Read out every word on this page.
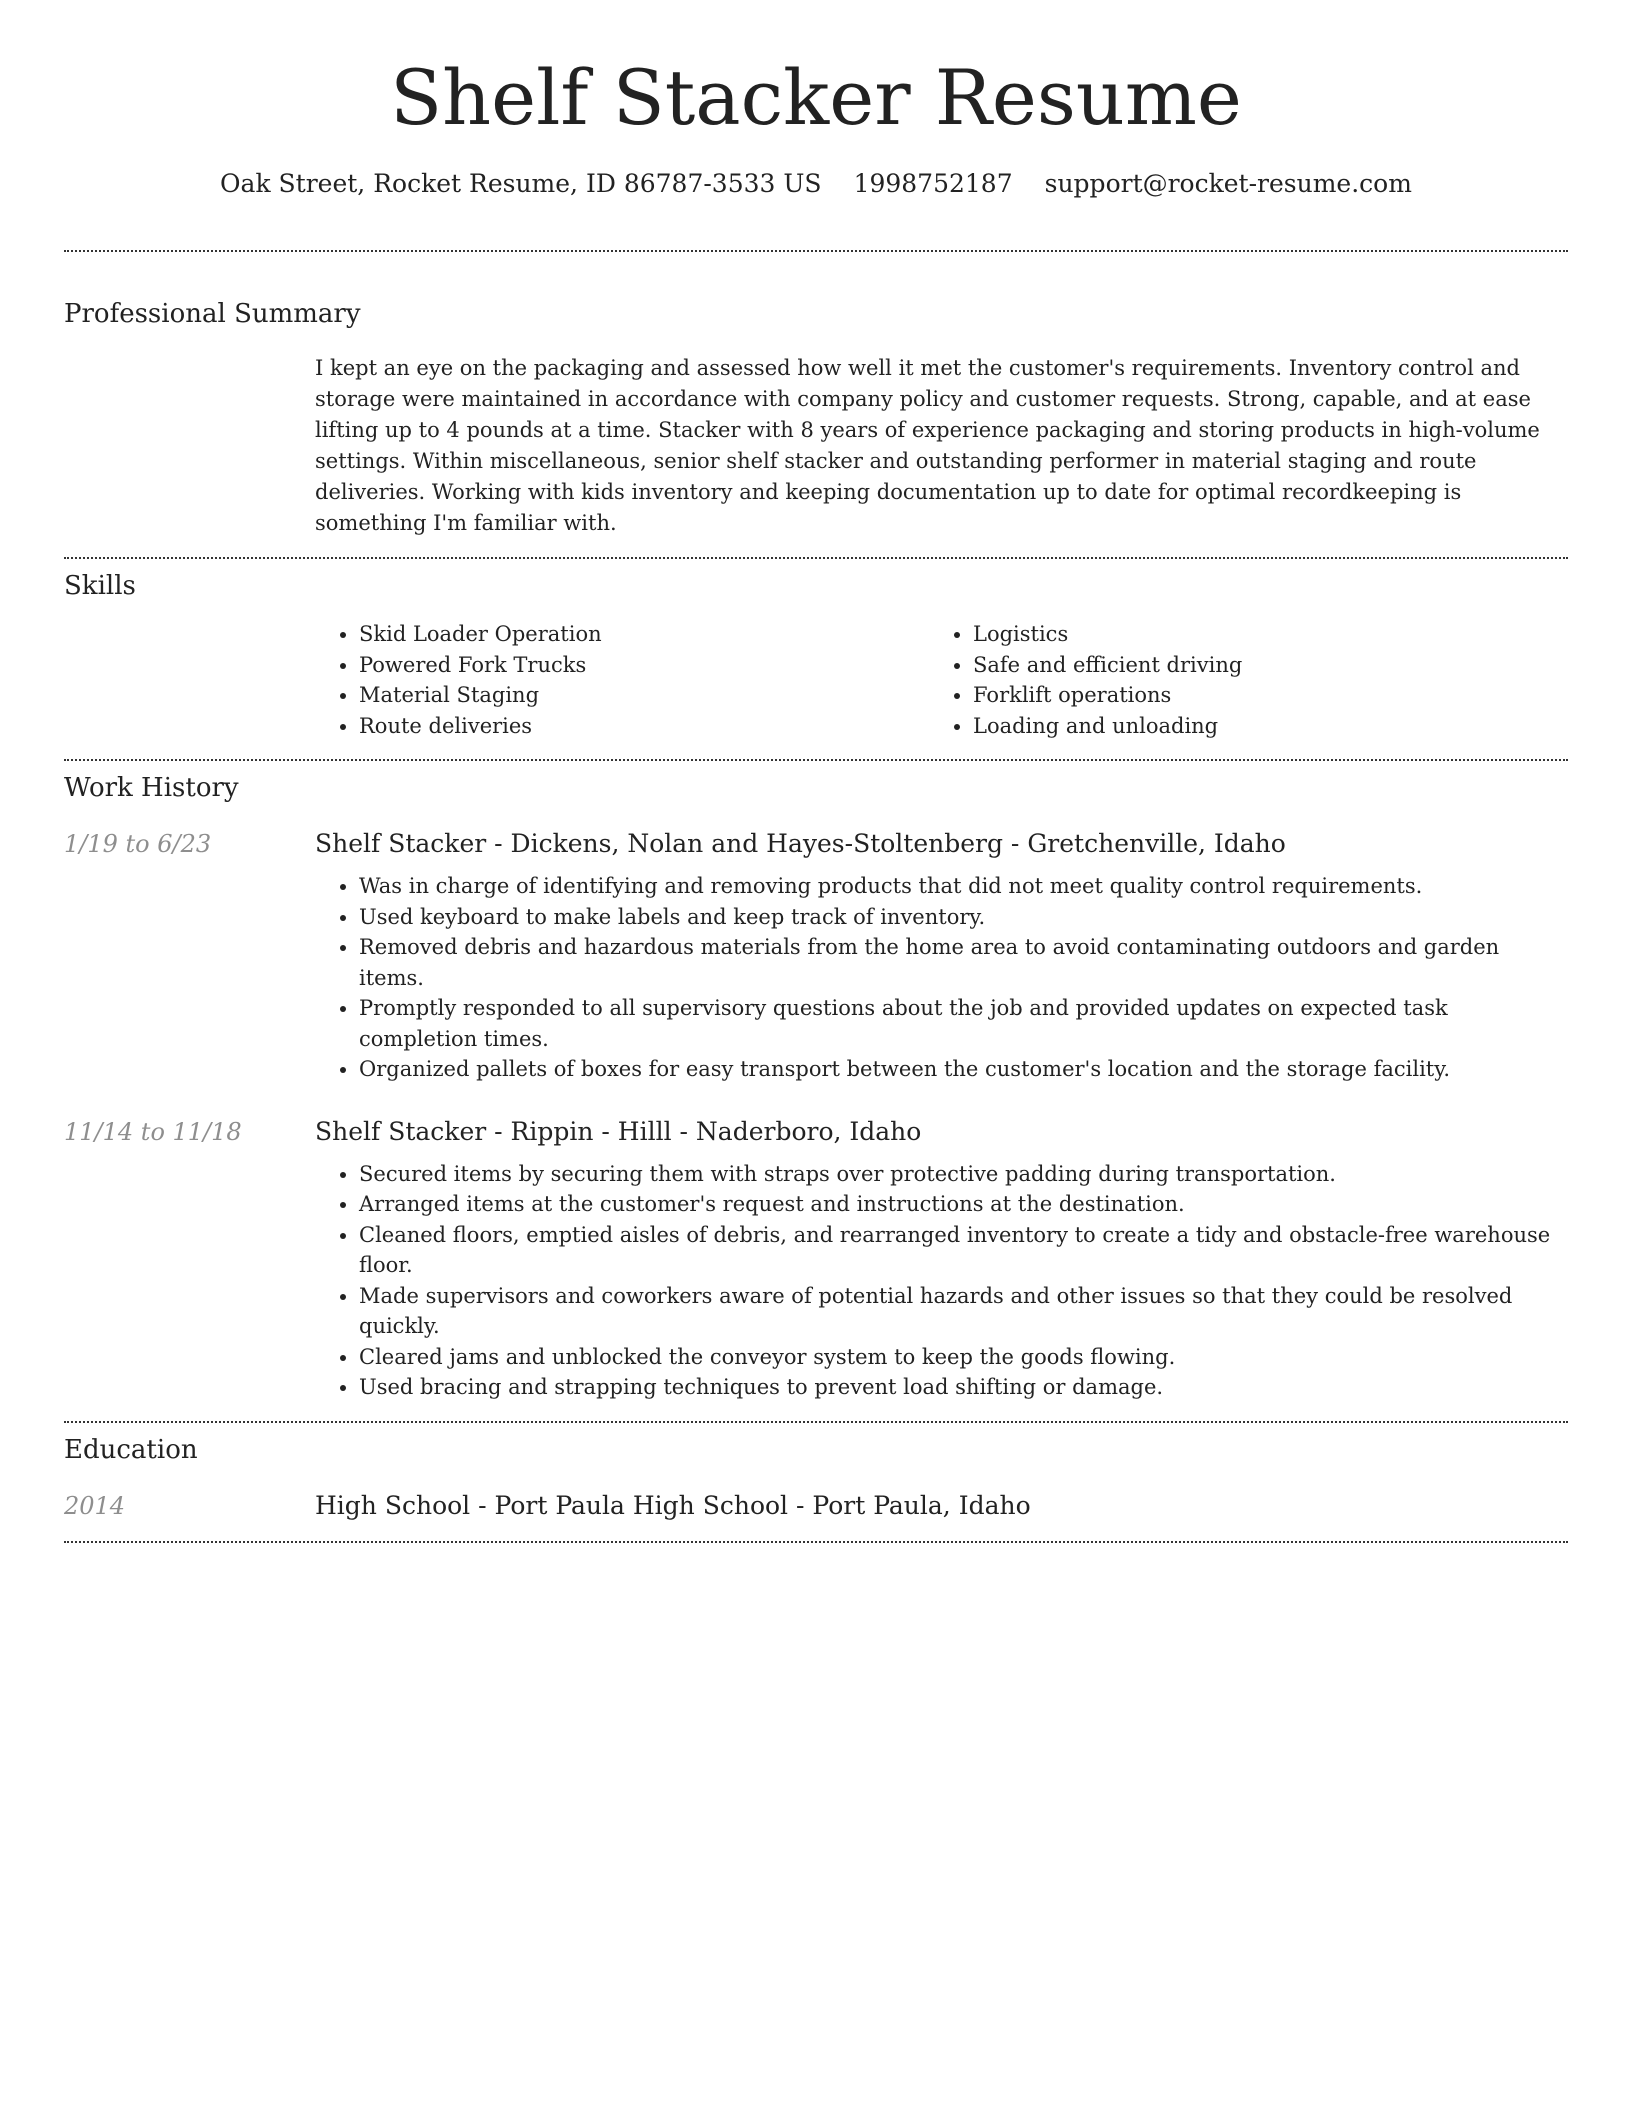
Shelf Stacker Resume
Oak Street, Rocket Resume, ID 86787-3533 US 1998752187 support@rocket-resume.com
Professional Summary

I kept an eye on the packaging and assessed how well it met the customer's requirements. Inventory control and storage were maintained in accordance with company policy and customer requests. Strong, capable, and at ease lifting up to 4 pounds at a time. Stacker with 8 years of experience packaging and storing products in high-volume settings. Within miscellaneous, senior shelf stacker and outstanding performer in material staging and route deliveries. Working with kids inventory and keeping documentation up to date for optimal recordkeeping is something I'm familiar with.

Skills
• Skid Loader Operation
• Powered Fork Trucks
• Material Staging
• Route deliveries
• Logistics
• Safe and efficient driving
• Forklift operations
• Loading and unloading
Work History
1/19 to 6/23	Shelf Stacker - Dickens, Nolan and Hayes-Stoltenberg - Gretchenville, Idaho
• Was in charge of identifying and removing products that did not meet quality control requirements.
• Used keyboard to make labels and keep track of inventory.
• Removed debris and hazardous materials from the home area to avoid contaminating outdoors and garden items.
• Promptly responded to all supervisory questions about the job and provided updates on expected task completion times.
• Organized pallets of boxes for easy transport between the customer's location and the storage facility.
11/14 to 11/18	Shelf Stacker - Rippin - Hilll - Naderboro, Idaho
• Secured items by securing them with straps over protective padding during transportation.
• Arranged items at the customer's request and instructions at the destination.
• Cleaned floors, emptied aisles of debris, and rearranged inventory to create a tidy and obstacle-free warehouse floor.
• Made supervisors and coworkers aware of potential hazards and other issues so that they could be resolved quickly.
• Cleared jams and unblocked the conveyor system to keep the goods flowing.
• Used bracing and strapping techniques to prevent load shifting or damage.
Education
2014	High School - Port Paula High School - Port Paula, Idaho
